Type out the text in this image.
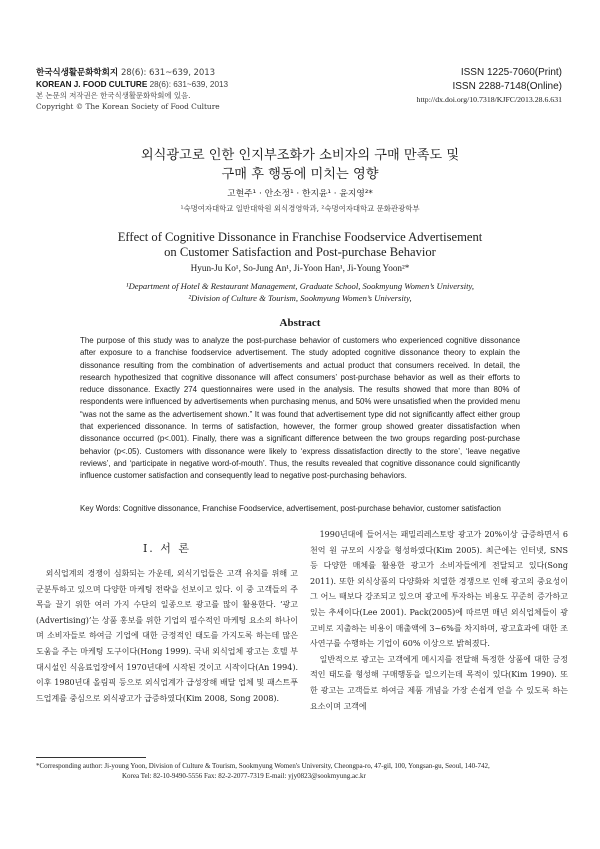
한국식생활문화학회지 28(6): 631~639, 2013
KOREAN J. FOOD CULTURE 28(6): 631~639, 2013
본 논문의 저작권은 한국식생활문화학회에 있음.
Copyright © The Korean Society of Food Culture
ISSN 1225-7060(Print)
ISSN 2288-7148(Online)
http://dx.doi.org/10.7318/KJFC/2013.28.6.631
외식광고로 인한 인지부조화가 소비자의 구매 만족도 및
구매 후 행동에 미치는 영향
고현주¹ · 안소정¹ · 한지윤¹ · 윤지영²*
¹숙명여자대학교 일반대학원 외식경영학과, ²숙명여자대학교 문화관광학부
Effect of Cognitive Dissonance in Franchise Foodservice Advertisement
on Customer Satisfaction and Post-purchase Behavior
Hyun-Ju Ko¹, So-Jung An¹, Ji-Yoon Han¹, Ji-Young Yoon²*
¹Department of Hotel & Restaurant Management, Graduate School, Sookmyung Women’s University,
²Division of Culture & Tourism, Sookmyung Women’s University,
Abstract
The purpose of this study was to analyze the post-purchase behavior of customers who experienced cognitive dissonance after exposure to a franchise foodservice advertisement. The study adopted cognitive dissonance theory to explain the dissonance resulting from the combination of advertisements and actual product that consumers received. In detail, the research hypothesized that cognitive dissonance will affect consumers’ post-purchase behavior as well as their efforts to reduce dissonance. Exactly 274 questionnaires were used in the analysis. The results showed that more than 80% of respondents were influenced by advertisements when purchasing menus, and 50% were unsatisfied when the provided menu “was not the same as the advertisement shown.” It was found that advertisement type did not significantly affect either group that experienced dissonance. In terms of satisfaction, however, the former group showed greater dissatisfaction when dissonance occurred (p<.001). Finally, there was a significant difference between the two groups regarding post-purchase behavior (p<.05). Customers with dissonance were likely to ‘express dissatisfaction directly to the store’, ‘leave negative reviews’, and ‘participate in negative word-of-mouth’. Thus, the results revealed that cognitive dissonance could significantly influence customer satisfaction and consequently lead to negative post-purchasing behaviors.
Key Words: Cognitive dissonance, Franchise Foodservice, advertisement, post-purchase behavior, customer satisfaction
Ⅰ. 서 론

외식업계의 경쟁이 심화되는 가운데, 외식기업들은 고객 유치를 위해 고군분투하고 있으며 다양한 마케팅 전략을 선보이고 있다. 이 중 고객들의 주목을 끌기 위한 여러 가지 수단의 일종으로 광고를 많이 활용한다. ‘광고(Advertising)’는 상품 홍보를 위한 기업의 필수적인 마케팅 요소의 하나이며 소비자들로 하여금 기업에 대한 긍정적인 태도를 가지도록 하는데 많은 도움을 주는 마케팅 도구이다(Hong 1999). 국내 외식업체 광고는 호텔 부대시설인 식음료업장에서 1970년대에 시작된 것이고 시작이다(An 1994). 이후 1980년대 올림픽 등으로 외식업계가 급성장해 배달 업체 및 패스트푸드업계를 중심으로 외식광고가 급증하였다(Kim 2008, Song 2008).

1990년대에 들어서는 패밀리레스토랑 광고가 20%이상 급증하면서 6천억 원 규모의 시장을 형성하였다(Kim 2005). 최근에는 인터넷, SNS 등 다양한 매체를 활용한 광고가 소비자들에게 전달되고 있다(Song 2011). 또한 외식상품의 다양화와 치열한 경쟁으로 인해 광고의 중요성이 그 어느 때보다 강조되고 있으며 광고에 투자하는 비용도 꾸준히 증가하고 있는 추세이다(Lee 2001). Pack(2005)에 따르면 매년 외식업체들이 광고비로 지출하는 비용이 매출액에 3~6%를 차지하며, 광고효과에 대한 조사연구를 수행하는 기업이 60% 이상으로 밝혀졌다.

일반적으로 광고는 고객에게 메시지를 전달해 특정한 상품에 대한 긍정적인 태도를 형성해 구매행동을 일으키는데 목적이 있다(Kim 1990). 또한 광고는 고객들로 하여금 제품 개념을 가장 손쉽게 얻을 수 있도록 하는 요소이며 고객에

*Corresponding author: Ji-young Yoon, Division of Culture & Tourism, Sookmyung Women's University, Cheongpa-ro, 47-gil, 100, Yongsan-gu, Seoul, 140-742,
Korea Tel: 82-10-9490-5556 Fax: 82-2-2077-7319 E-mail: yjy0823@sookmyung.ac.kr
